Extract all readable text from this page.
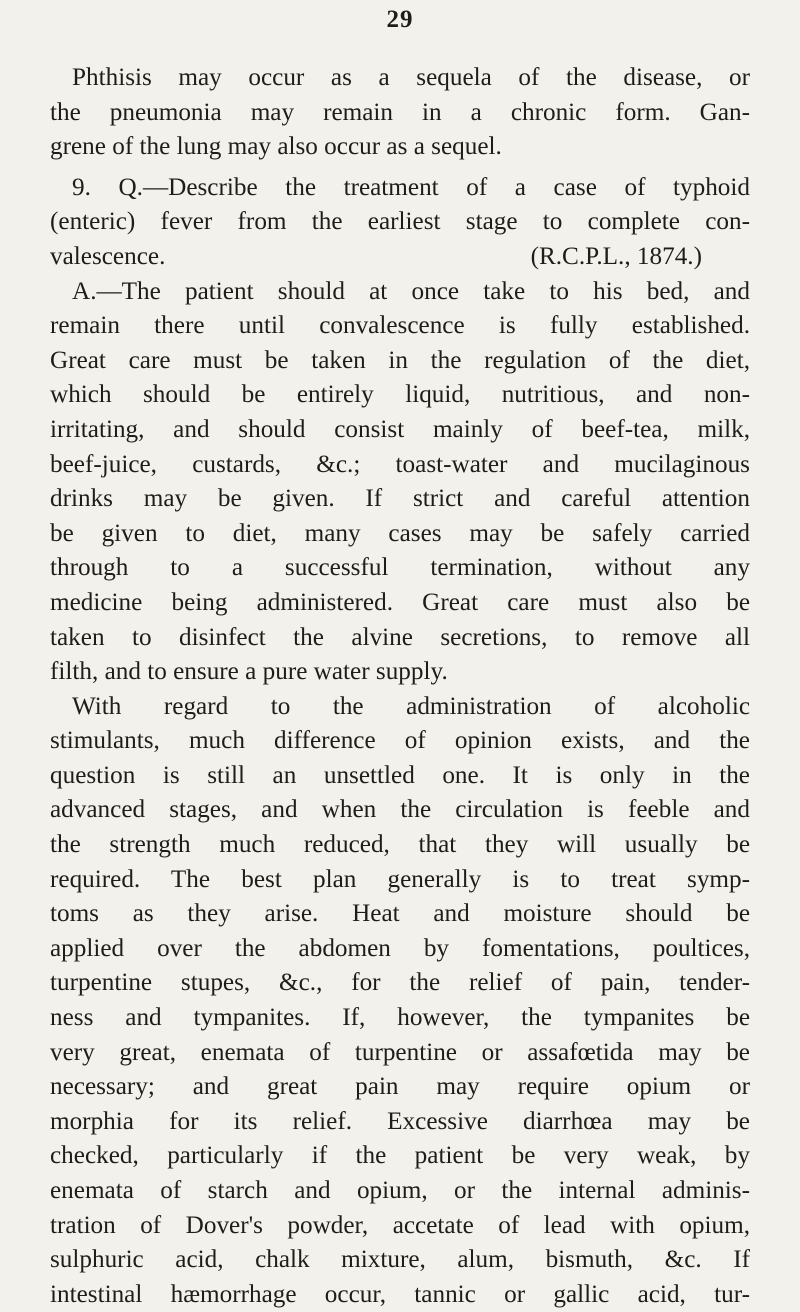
29
Phthisis may occur as a sequela of the disease, or
the pneumonia may remain in a chronic form. Gan-
grene of the lung may also occur as a sequel.
9. Q.—Describe the treatment of a case of typhoid
(enteric) fever from the earliest stage to complete con-
valescence.	(R.C.P.L., 1874.)
A.—The patient should at once take to his bed, and
remain there until convalescence is fully established.
Great care must be taken in the regulation of the diet,
which should be entirely liquid, nutritious, and non-
irritating, and should consist mainly of beef-tea, milk,
beef-juice, custards, &c.; toast-water and mucilaginous
drinks may be given. If strict and careful attention
be given to diet, many cases may be safely carried
through to a successful termination, without any
medicine being administered. Great care must also be
taken to disinfect the alvine secretions, to remove all
filth, and to ensure a pure water supply.
With regard to the administration of alcoholic
stimulants, much difference of opinion exists, and the
question is still an unsettled one. It is only in the
advanced stages, and when the circulation is feeble and
the strength much reduced, that they will usually be
required. The best plan generally is to treat symp-
toms as they arise. Heat and moisture should be
applied over the abdomen by fomentations, poultices,
turpentine stupes, &c., for the relief of pain, tender-
ness and tympanites. If, however, the tympanites be
very great, enemata of turpentine or assafœtida may be
necessary; and great pain may require opium or
morphia for its relief. Excessive diarrhœa may be
checked, particularly if the patient be very weak, by
enemata of starch and opium, or the internal adminis-
tration of Dover's powder, accetate of lead with opium,
sulphuric acid, chalk mixture, alum, bismuth, &c. If
intestinal hæmorrhage occur, tannic or gallic acid, tur-
